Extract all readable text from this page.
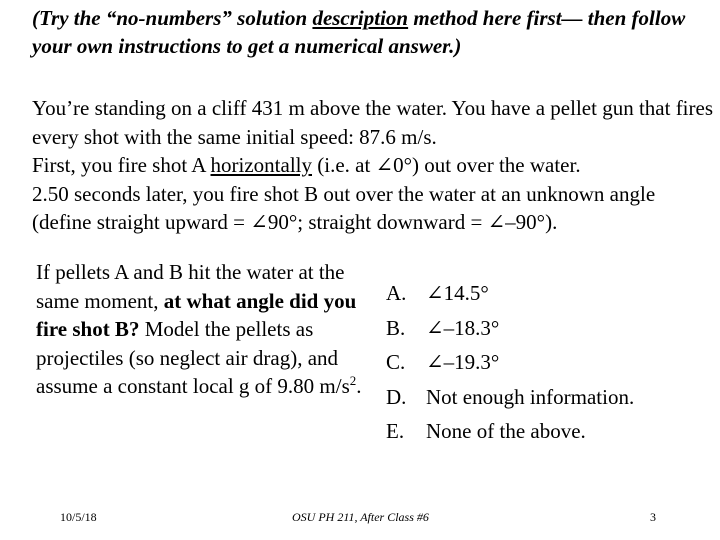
(Try the “no-numbers” solution description method here first— then follow your own instructions to get a numerical answer.)

You’re standing on a cliff 431 m above the water. You have a pellet gun that fires every shot with the same initial speed: 87.6 m/s.
First, you fire shot A horizontally (i.e. at ∠0°) out over the water.
2.50 seconds later, you fire shot B out over the water at an unknown angle (define straight upward = ∠90°; straight downward = ∠–90°).

If pellets A and B hit the water at the same moment, at what angle did you fire shot B? Model the pellets as projectiles (so neglect air drag), and assume a constant local g of 9.80 $m/s^2$.

A. ∠14.5°
B. ∠–18.3°
C. ∠–19.3°
D. Not enough information.
E.	None of the above.
10/5/18	OSU PH 211, After Class #6	3
